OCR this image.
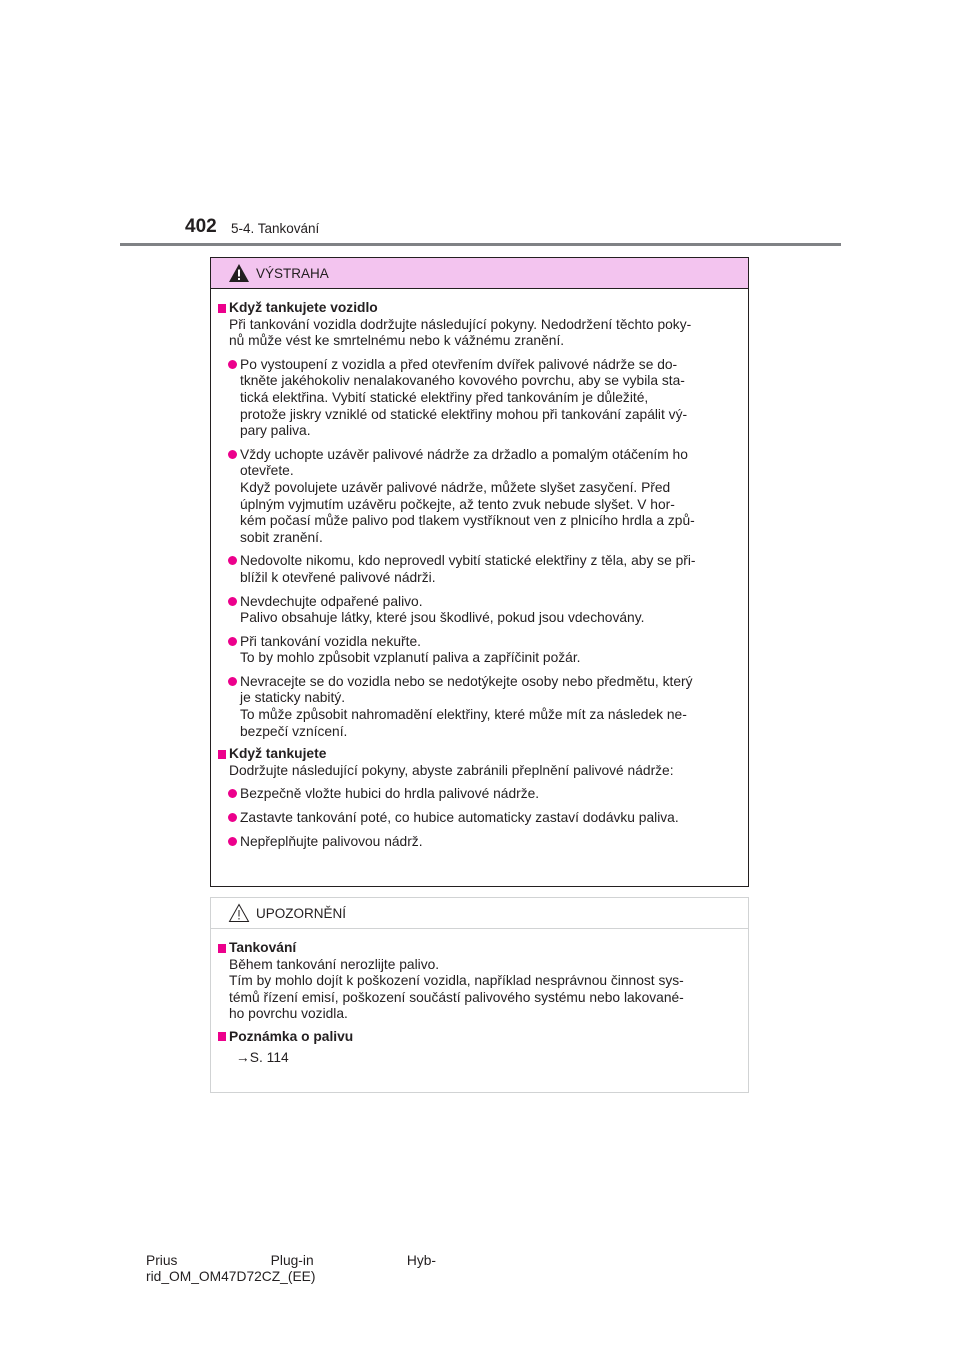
402 5-4. Tankování
VÝSTRAHA
Když tankujete vozidlo
Při tankování vozidla dodržujte následující pokyny. Nedodržení těchto poky-
nů může vést ke smrtelnému nebo k vážnému zranění.
Po vystoupení z vozidla a před otevřením dvířek palivové nádrže se do-
tkněte jakéhokoliv nenalakovaného kovového povrchu, aby se vybila sta-
tická elektřina. Vybití statické elektřiny před tankováním je důležité,
protože jiskry vzniklé od statické elektřiny mohou při tankování zapálit vý-
pary paliva.
Vždy uchopte uzávěr palivové nádrže za držadlo a pomalým otáčením ho
otevřete.
Když povolujete uzávěr palivové nádrže, můžete slyšet zasyčení. Před
úplným vyjmutím uzávěru počkejte, až tento zvuk nebude slyšet. V hor-
kém počasí může palivo pod tlakem vystříknout ven z plnicího hrdla a způ-
sobit zranění.
Nedovolte nikomu, kdo neprovedl vybití statické elektřiny z těla, aby se při-
blížil k otevřené palivové nádrži.
Nevdechujte odpařené palivo.
Palivo obsahuje látky, které jsou škodlivé, pokud jsou vdechovány.
Při tankování vozidla nekuřte.
To by mohlo způsobit vzplanutí paliva a zapříčinit požár.
Nevracejte se do vozidla nebo se nedotýkejte osoby nebo předmětu, který
je staticky nabitý.
To může způsobit nahromadění elektřiny, které může mít za následek ne-
bezpečí vznícení.
Když tankujete
Dodržujte následující pokyny, abyste zabránili přeplnění palivové nádrže:
Bezpečně vložte hubici do hrdla palivové nádrže.
Zastavte tankování poté, co hubice automaticky zastaví dodávku paliva.
Nepřeplňujte palivovou nádrž.
UPOZORNĚNÍ
Tankování
Během tankování nerozlijte palivo.
Tím by mohlo dojít k poškození vozidla, například nesprávnou činnost sys-
témů řízení emisí, poškození součástí palivového systému nebo lakované-
ho povrchu vozidla.
Poznámka o palivu
→S. 114
Prius	Plug-in	Hyb-
rid_OM_OM47D72CZ_(EE)
